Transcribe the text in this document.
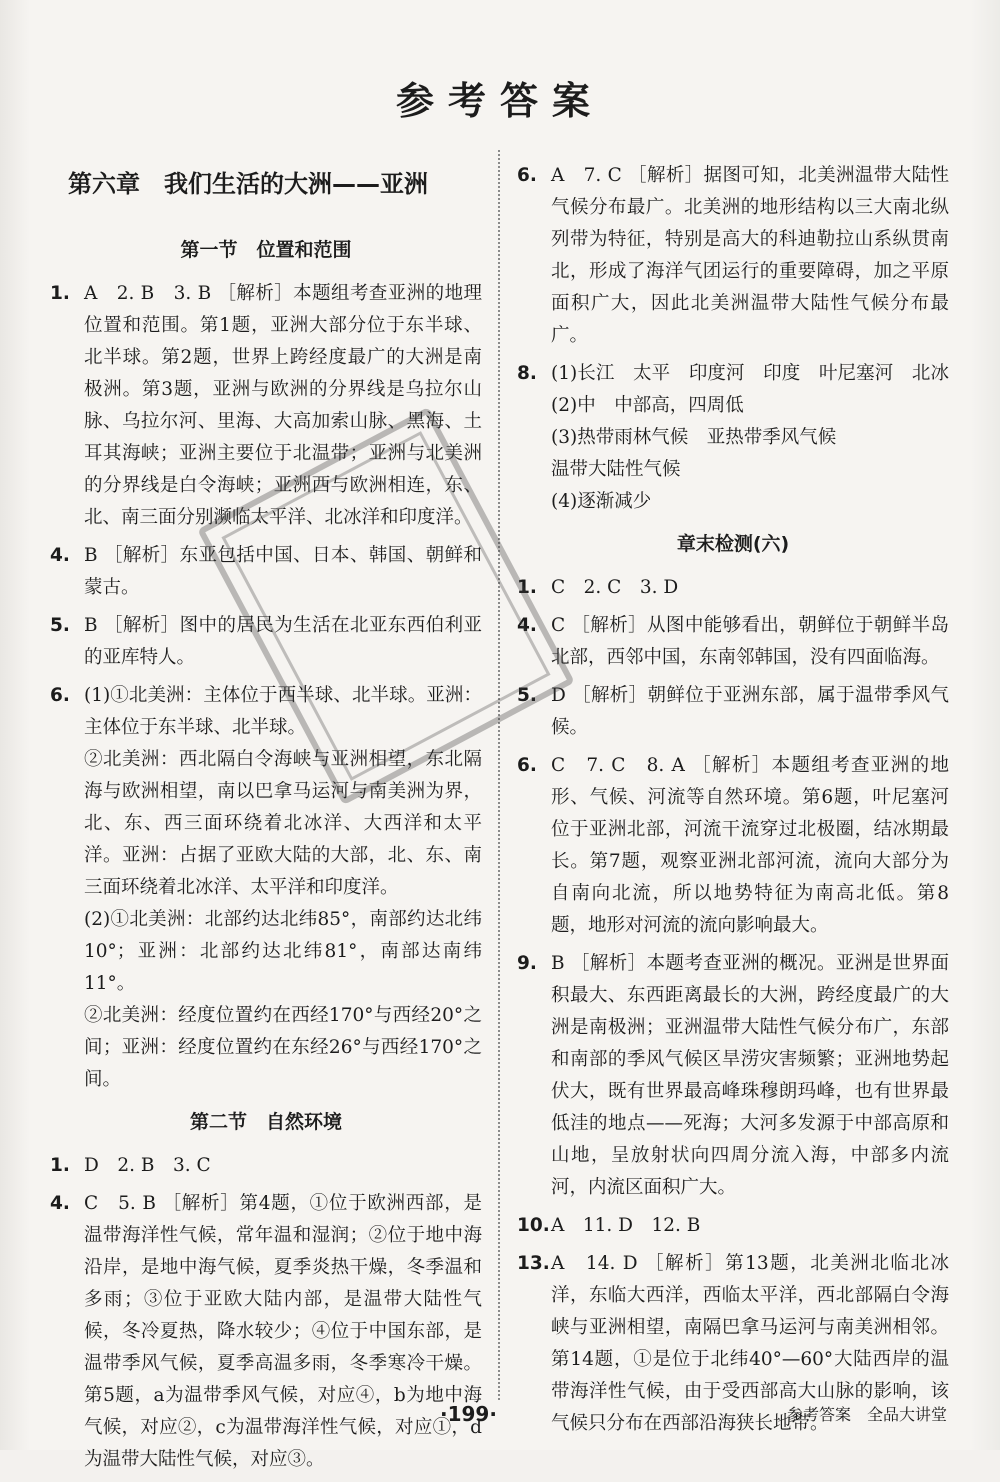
参考答案
第六章　我们生活的大洲——亚洲
第一节　位置和范围
1. A　2. B　3. B ［解析］本题组考查亚洲的地理位置和范围。第1题，亚洲大部分位于东半球、北半球。第2题，世界上跨经度最广的大洲是南极洲。第3题，亚洲与欧洲的分界线是乌拉尔山脉、乌拉尔河、里海、大高加索山脉、黑海、土耳其海峡；亚洲主要位于北温带；亚洲与北美洲的分界线是白令海峡；亚洲西与欧洲相连，东、北、南三面分别濒临太平洋、北冰洋和印度洋。
4. B ［解析］东亚包括中国、日本、韩国、朝鲜和蒙古。
5. B ［解析］图中的居民为生活在北亚东西伯利亚的亚库特人。
6. (1)①北美洲：主体位于西半球、北半球。亚洲：主体位于东半球、北半球。
②北美洲：西北隔白令海峡与亚洲相望，东北隔海与欧洲相望，南以巴拿马运河与南美洲为界，北、东、西三面环绕着北冰洋、大西洋和太平洋。亚洲：占据了亚欧大陆的大部，北、东、南三面环绕着北冰洋、太平洋和印度洋。
(2)①北美洲：北部约达北纬85°，南部约达北纬10°；亚洲：北部约达北纬81°，南部达南纬11°。
②北美洲：经度位置约在西经170°与西经20°之间；亚洲：经度位置约在东经26°与西经170°之间。
第二节　自然环境
1. D　2. B　3. C
4. C　5. B ［解析］第4题，①位于欧洲西部，是温带海洋性气候，常年温和湿润；②位于地中海沿岸，是地中海气候，夏季炎热干燥，冬季温和多雨；③位于亚欧大陆内部，是温带大陆性气候，冬冷夏热，降水较少；④位于中国东部，是温带季风气候，夏季高温多雨，冬季寒冷干燥。第5题，a为温带季风气候，对应④，b为地中海气候，对应②，c为温带海洋性气候，对应①，d为温带大陆性气候，对应③。
6. A　7. C ［解析］据图可知，北美洲温带大陆性气候分布最广。北美洲的地形结构以三大南北纵列带为特征，特别是高大的科迪勒拉山系纵贯南北，形成了海洋气团运行的重要障碍，加之平原面积广大，因此北美洲温带大陆性气候分布最广。
8. (1)长江　太平　印度河　印度　叶尼塞河　北冰　(2)中　中部高，四周低
(3)热带雨林气候　亚热带季风气候
温带大陆性气候
(4)逐渐减少
章末检测(六)
1. C　2. C　3. D
4. C ［解析］从图中能够看出，朝鲜位于朝鲜半岛北部，西邻中国，东南邻韩国，没有四面临海。
5. D ［解析］朝鲜位于亚洲东部，属于温带季风气候。
6. C　7. C　8. A ［解析］本题组考查亚洲的地形、气候、河流等自然环境。第6题，叶尼塞河位于亚洲北部，河流干流穿过北极圈，结冰期最长。第7题，观察亚洲北部河流，流向大部分为自南向北流，所以地势特征为南高北低。第8题，地形对河流的流向影响最大。
9. B ［解析］本题考查亚洲的概况。亚洲是世界面积最大、东西距离最长的大洲，跨经度最广的大洲是南极洲；亚洲温带大陆性气候分布广，东部和南部的季风气候区旱涝灾害频繁；亚洲地势起伏大，既有世界最高峰珠穆朗玛峰，也有世界最低洼的地点——死海；大河多发源于中部高原和山地，呈放射状向四周分流入海，中部多内流河，内流区面积广大。
10. A　11. D　12. B
13. A　14. D ［解析］第13题，北美洲北临北冰洋，东临大西洋，西临太平洋，西北部隔白令海峡与亚洲相望，南隔巴拿马运河与南美洲相邻。第14题，①是位于北纬40°—60°大陆西岸的温带海洋性气候，由于受西部高大山脉的影响，该气候只分布在西部沿海狭长地带。
·199·	参考答案　全品大讲堂
